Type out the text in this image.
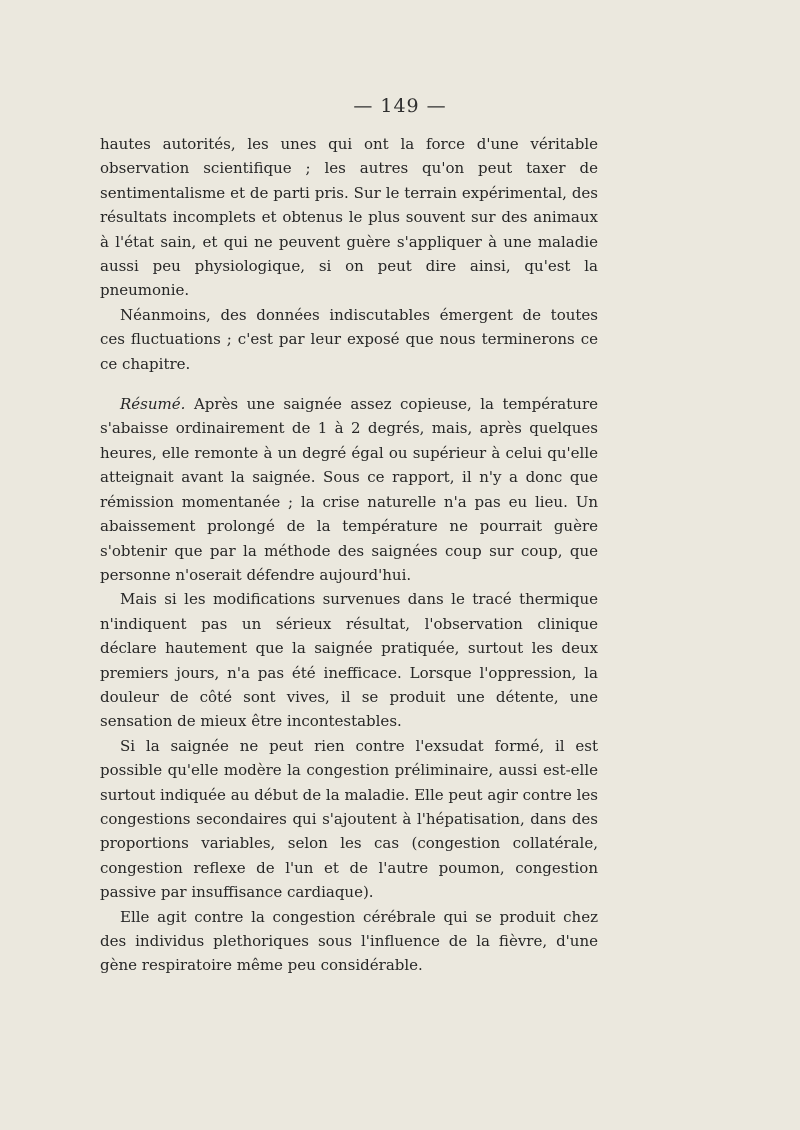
— 149 —

hautes autorités, les unes qui ont la force d'une véritable observation scientifique ; les autres qu'on peut taxer de sentimentalisme et de parti pris. Sur le terrain expérimental, des résultats incomplets et obtenus le plus souvent sur des animaux à l'état sain, et qui ne peuvent guère s'appliquer à une maladie aussi peu physiologique, si on peut dire ainsi, qu'est la pneumonie.

Néanmoins, des données indiscutables émergent de toutes ces fluctuations ; c'est par leur exposé que nous terminerons ce ce chapitre.

Résumé. Après une saignée assez copieuse, la température s'abaisse ordinairement de 1 à 2 degrés, mais, après quelques heures, elle remonte à un degré égal ou supérieur à celui qu'elle atteignait avant la saignée. Sous ce rapport, il n'y a donc que rémission momentanée ; la crise naturelle n'a pas eu lieu. Un abaissement prolongé de la température ne pourrait guère s'obtenir que par la méthode des saignées coup sur coup, que personne n'oserait défendre aujourd'hui.

Mais si les modifications survenues dans le tracé thermique n'indiquent pas un sérieux résultat, l'observation clinique déclare hautement que la saignée pratiquée, surtout les deux premiers jours, n'a pas été inefficace. Lorsque l'oppression, la douleur de côté sont vives, il se produit une détente, une sensation de mieux être incontestables.

Si la saignée ne peut rien contre l'exsudat formé, il est possible qu'elle modère la congestion préliminaire, aussi est-elle surtout indiquée au début de la maladie. Elle peut agir contre les congestions secondaires qui s'ajoutent à l'hépatisation, dans des proportions variables, selon les cas (congestion collatérale, congestion reflexe de l'un et de l'autre poumon, congestion passive par insuffisance cardiaque).

Elle agit contre la congestion cérébrale qui se produit chez des individus plethoriques sous l'influence de la fièvre, d'une gène respiratoire même peu considérable.
